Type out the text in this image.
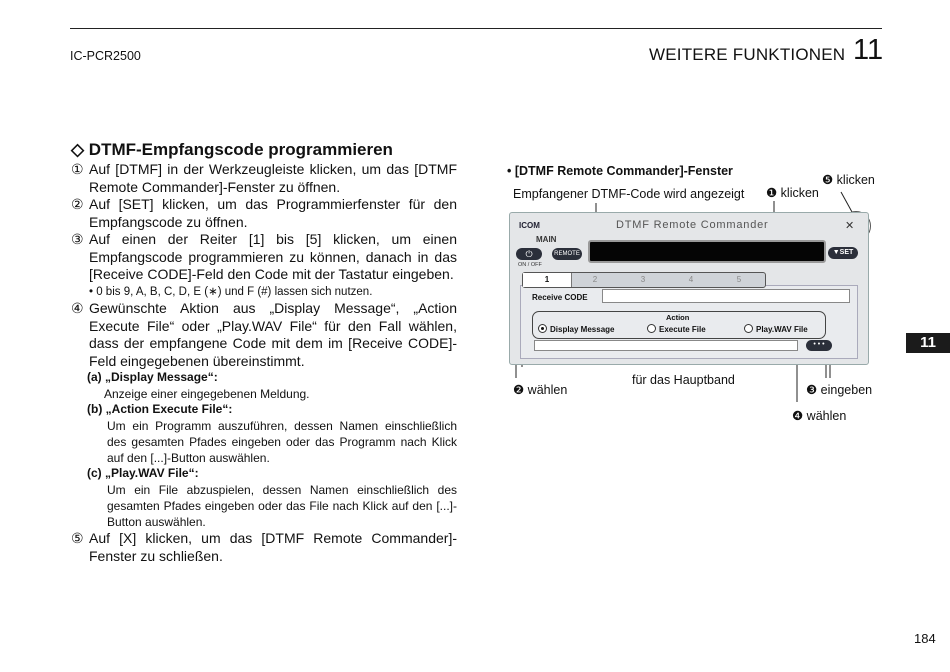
IC-PCR2500	WEITERE FUNKTIONEN 11
11
184
◇ DTMF-Empfangscode programmieren
① Auf [DTMF] in der Werkzeugleiste klicken, um das [DTMF Remote Commander]-Fenster zu öffnen.
② Auf [SET] klicken, um das Programmierfenster für den Empfangscode zu öffnen.
③ Auf einen der Reiter [1] bis [5] klicken, um einen Empfangscode programmieren zu können, danach in das [Receive CODE]-Feld den Code mit der Tastatur eingeben.
• 0 bis 9, A, B, C, D, E (∗) und F (#) lassen sich nutzen.
④ Gewünschte Aktion aus „Display Message“, „Action Execute File“ oder „Play.WAV File“ für den Fall wählen, dass der empfangene Code mit dem im [Receive CODE]-Feld eingegebenen übereinstimmt.
(a) „Display Message“:
Anzeige einer eingegebenen Meldung.
(b) „Action Execute File“:
Um ein Programm auszuführen, dessen Namen einschließlich des gesamten Pfades eingeben oder das Programm nach Klick auf den [...]-Button auswählen.
(c) „Play.WAV File“:
Um ein File abzuspielen, dessen Namen einschließlich des gesamten Pfades eingeben oder das File nach Klick auf den [...]-Button auswählen.
⑤ Auf [X] klicken, um das [DTMF Remote Commander]-Fenster zu schließen.
• [DTMF Remote Commander]-Fenster
Empfangener DTMF-Code wird angezeigt ❶ klicken
❺ klicken
❷ wählen
für das Hauptband
❸ eingeben
❹ wählen
ICOM	DTMF Remote Commander	✕
MAIN
⏻
ON / OFF
REMOTE	▼SET
1	2	3	4	5
Receive CODE
Action
Display Message	Execute File	Play.WAV File
• • •
